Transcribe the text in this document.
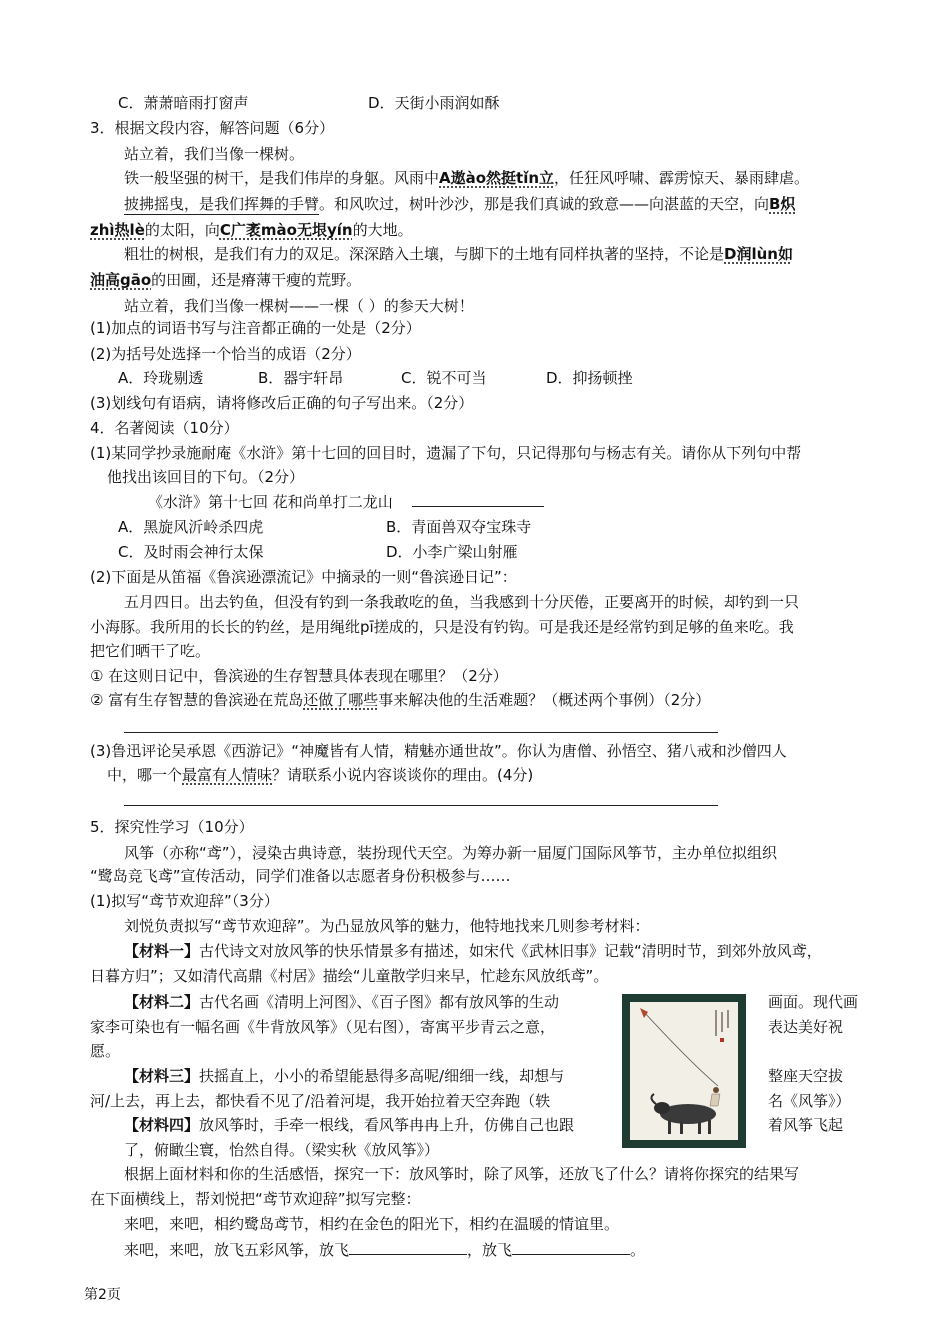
C．萧萧暗雨打窗声	D．天街小雨润如酥
3．根据文段内容，解答问题（6分）
站立着，我们当像一棵树。
铁一般坚强的树干，是我们伟岸的身躯。风雨中A遨ào然挺tǐn立，任狂风呼啸、霹雳惊天、暴雨肆虐。
披拂摇曳，是我们挥舞的手臂。和风吹过，树叶沙沙，那是我们真诚的致意——向湛蓝的天空，向B炽
zhì热lè的太阳，向C广袤mào无垠yín的大地。
粗壮的树根，是我们有力的双足。深深踏入土壤，与脚下的土地有同样执著的坚持，不论是D润lùn如
油高gāo的田圃，还是瘠薄干瘦的荒野。
站立着，我们当像一棵树——一棵（ ）的参天大树！
(1)加点的词语书写与注音都正确的一处是（2分）
(2)为括号处选择一个恰当的成语（2分）
A．玲珑剔透	B．器宇轩昂	C．锐不可当	D．抑扬顿挫
(3)划线句有语病，请将修改后正确的句子写出来。（2分）
4．名著阅读（10分）
(1)某同学抄录施耐庵《水浒》第十七回的回目时，遗漏了下句，只记得那句与杨志有关。请你从下列句中帮
他找出该回目的下句。（2分）
《水浒》第十七回 花和尚单打二龙山
A．黑旋风沂岭杀四虎	B．青面兽双夺宝珠寺
C．及时雨会神行太保	D．小李广梁山射雁
(2)下面是从笛福《鲁滨逊漂流记》中摘录的一则“鲁滨逊日记”：
五月四日。出去钓鱼，但没有钓到一条我敢吃的鱼，当我感到十分厌倦，正要离开的时候，却钓到一只
小海豚。我所用的长长的钓丝，是用绳纰pī搓成的，只是没有钓钩。可是我还是经常钓到足够的鱼来吃。我
把它们晒干了吃。
① 在这则日记中，鲁滨逊的生存智慧具体表现在哪里？（2分）
② 富有生存智慧的鲁滨逊在荒岛还做了哪些事来解决他的生活难题？（概述两个事例）（2分）
(3)鲁迅评论吴承恩《西游记》“神魔皆有人情，精魅亦通世故”。你认为唐僧、孙悟空、猪八戒和沙僧四人
中，哪一个最富有人情味？请联系小说内容谈谈你的理由。(4分)
5．探究性学习（10分）
风筝（亦称“鸢”），浸染古典诗意，装扮现代天空。为筹办新一届厦门国际风筝节，主办单位拟组织
“鹭岛竞飞鸢”宣传活动，同学们准备以志愿者身份积极参与……
(1)拟写“鸢节欢迎辞”（3分）
刘悦负责拟写“鸢节欢迎辞”。为凸显放风筝的魅力，他特地找来几则参考材料：
【材料一】古代诗文对放风筝的快乐情景多有描述，如宋代《武林旧事》记载“清明时节，到郊外放风鸢，
日暮方归”；又如清代高鼎《村居》描绘“儿童散学归来早，忙趁东风放纸鸢”。
【材料二】古代名画《清明上河图》、《百子图》都有放风筝的生动	画面。现代画
家李可染也有一幅名画《牛背放风筝》（见右图），寄寓平步青云之意，	表达美好祝
愿。
【材料三】扶摇直上，小小的希望能悬得多高呢/细细一线，却想与	整座天空拔
河/上去，再上去，都快看不见了/沿着河堤，我开始拉着天空奔跑（轶	名《风筝》）
【材料四】放风筝时，手牵一根线，看风筝冉冉上升，仿佛自己也跟	着风筝飞起
了，俯瞰尘寰，怡然自得。（梁实秋《放风筝》）
根据上面材料和你的生活感悟，探究一下：放风筝时，除了风筝，还放飞了什么？请将你探究的结果写
在下面横线上，帮刘悦把“鸢节欢迎辞”拟写完整：
来吧，来吧，相约鹭岛鸢节，相约在金色的阳光下，相约在温暖的情谊里。
来吧，来吧，放飞五彩风筝，放飞	，放飞	。
第2页
